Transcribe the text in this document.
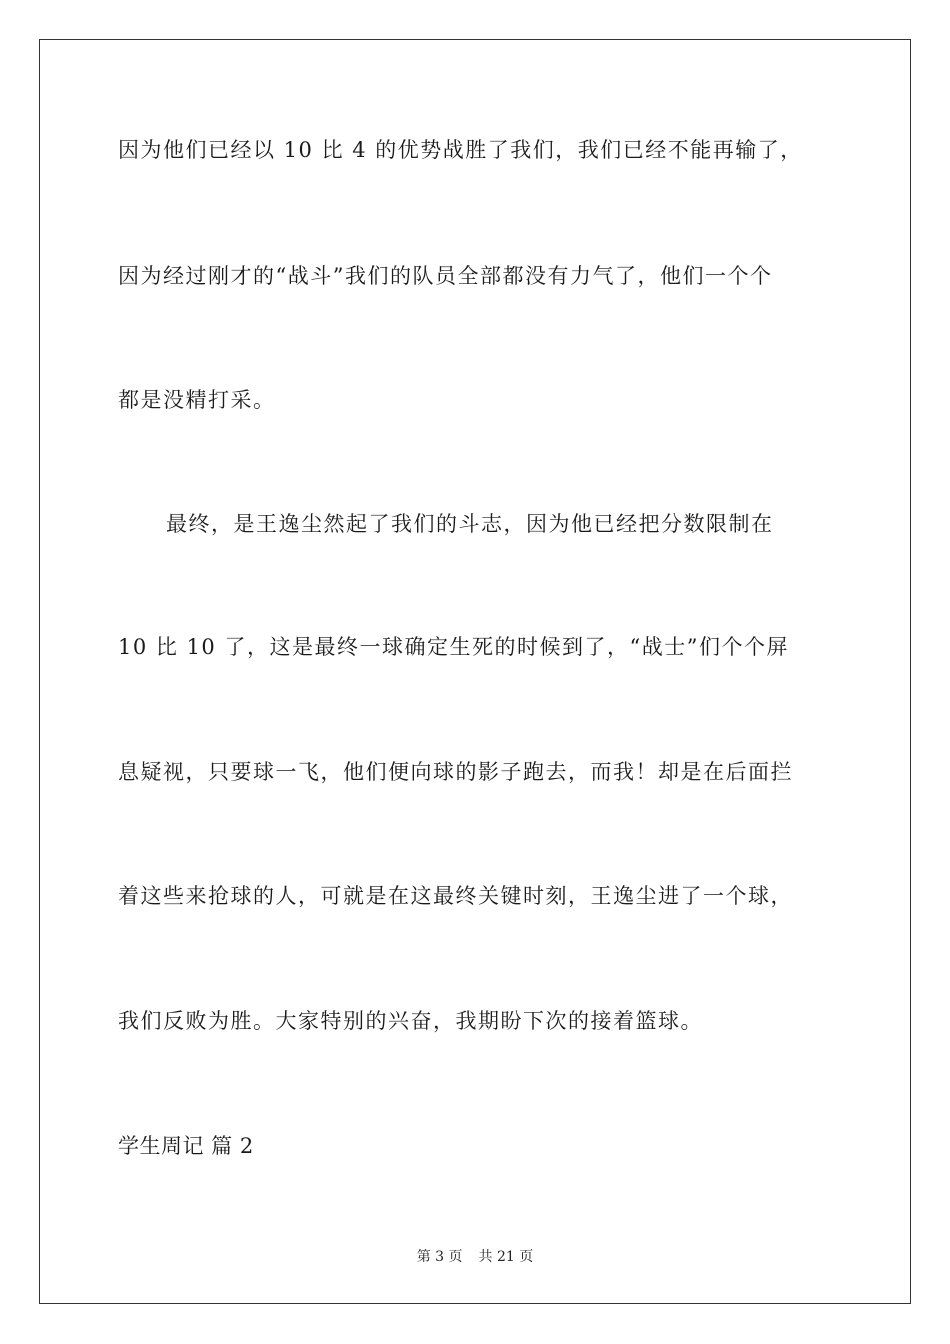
因为他们已经以 10 比 4 的优势战胜了我们，我们已经不能再输了，
因为经过刚才的“战斗”我们的队员全部都没有力气了，他们一个个
都是没精打采。
最终，是王逸尘然起了我们的斗志，因为他已经把分数限制在
10 比 10 了，这是最终一球确定生死的时候到了，“战士”们个个屏
息疑视，只要球一飞，他们便向球的影子跑去，而我！却是在后面拦
着这些来抢球的人，可就是在这最终关键时刻，王逸尘进了一个球，
我们反败为胜。大家特别的兴奋，我期盼下次的接着篮球。
学生周记 篇 2
第 3 页 共 21 页
